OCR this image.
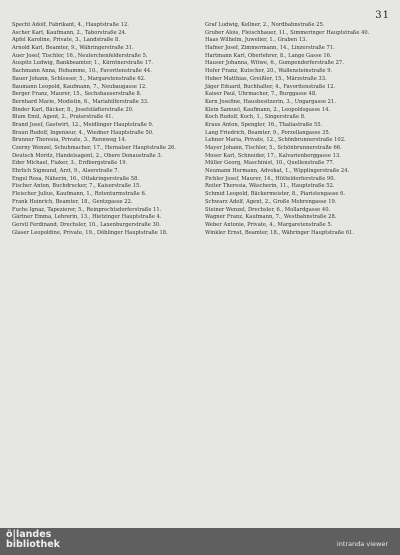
31

Specht Adolf, Fabrikant, 4., Hauptstraße 12.

Ascher Karl, Kaufmann, 2., Taborstraße 24.

Apfel Karoline, Private, 3., Landstraße 8.

Arnold Karl, Beamter, 9., Währingerstraße 31.

Auer Josef, Tischler, 16., Neulerchenfelderstraße 5.

Auspitz Ludwig, Bankbeamter, 1., Kärntnerstraße 17.

Bachmann Anna, Hebamme, 10., Favoritenstraße 44.

Bauer Johann, Schlosser, 5., Margaretenstraße 62.

Baumann Leopold, Kaufmann, 7., Neubaugasse 12.

Berger Franz, Maurer, 15., Sechshauserstraße 8.

Bernhard Marie, Modistin, 6., Mariahilferstraße 33.

Binder Karl, Bäcker, 8., Josefstädterstraße 20.

Blum Emil, Agent, 2., Praterstraße 41.

Brand Josef, Gastwirt, 12., Meidlinger Hauptstraße 9.

Braun Rudolf, Ingenieur, 4., Wiedner Hauptstraße 50.

Brunner Theresia, Private, 3., Rennweg 14.

Czerny Wenzel, Schuhmacher, 17., Hernalser Hauptstraße 26.

Deutsch Moritz, Handelsagent, 2., Obere Donaustraße 3.

Eder Michael, Fiaker, 3., Erdbergstraße 19.

Ehrlich Sigmund, Arzt, 9., Alserstraße 7.

Engel Rosa, Näherin, 16., Ottakringerstraße 58.

Fischer Anton, Buchdrucker, 7., Kaiserstraße 15.

Fleischer Julius, Kaufmann, 1., Rotenturmstraße 6.

Frank Heinrich, Beamter, 18., Gentzgasse 22.

Fuchs Ignaz, Tapezierer, 5., Reinprechtsdorferstraße 11.

Gärtner Emma, Lehrerin, 13., Hietzinger Hauptstraße 4.

Gerstl Ferdinand, Drechsler, 10., Laxenburgerstraße 30.

Glaser Leopoldine, Private, 19., Döblinger Hauptstraße 18.

Graf Ludwig, Kellner, 2., Nordbahnstraße 25.

Gruber Alois, Fleischhauer, 11., Simmeringer Hauptstraße 40.

Haas Wilhelm, Juwelier, 1., Graben 13.

Hafner Josef, Zimmermann, 14., Linzerstraße 71.

Hartmann Karl, Oberlehrer, 8., Lange Gasse 16.

Hauser Johanna, Witwe, 6., Gumpendorferstraße 27.

Hofer Franz, Kutscher, 20., Wallensteinstraße 9.

Huber Matthias, Greißler, 15., Märzstraße 33.

Jäger Eduard, Buchhalter, 4., Favoritenstraße 12.

Kaiser Paul, Uhrmacher, 7., Burggasse 48.

Kern Josefine, Hausbesitzerin, 3., Ungargasse 21.

Klein Samuel, Kaufmann, 2., Leopoldsgasse 14.

Koch Rudolf, Koch, 1., Singerstraße 8.

Kraus Anton, Spengler, 16., Thaliastraße 55.

Lang Friedrich, Beamter, 9., Porzellangasse 35.

Lehner Maria, Private, 12., Schönbrunnerstraße 102.

Mayer Johann, Tischler, 5., Schönbrunnerstraße 66.

Moser Karl, Schneider, 17., Kalvarienberggasse 13.

Müller Georg, Maschinist, 10., Quellenstraße 77.

Neumann Hermann, Advokat, 1., Wipplingerstraße 24.

Pichler Josef, Maurer, 14., Hütteldorferstraße 90.

Reiter Theresia, Wäscherin, 11., Hauptstraße 52.

Schmid Leopold, Bäckermeister, 8., Piaristengasse 6.

Schwarz Adolf, Agent, 2., Große Mohrengasse 19.

Steiner Wenzel, Drechsler, 6., Mollardgasse 40.

Wagner Franz, Kaufmann, 7., Westbahnstraße 28.

Weber Antonie, Private, 4., Margaretenstraße 5.

Winkler Ernst, Beamter, 18., Währinger Hauptstraße 61.

ö|landes
bibliothek	intranda viewer
